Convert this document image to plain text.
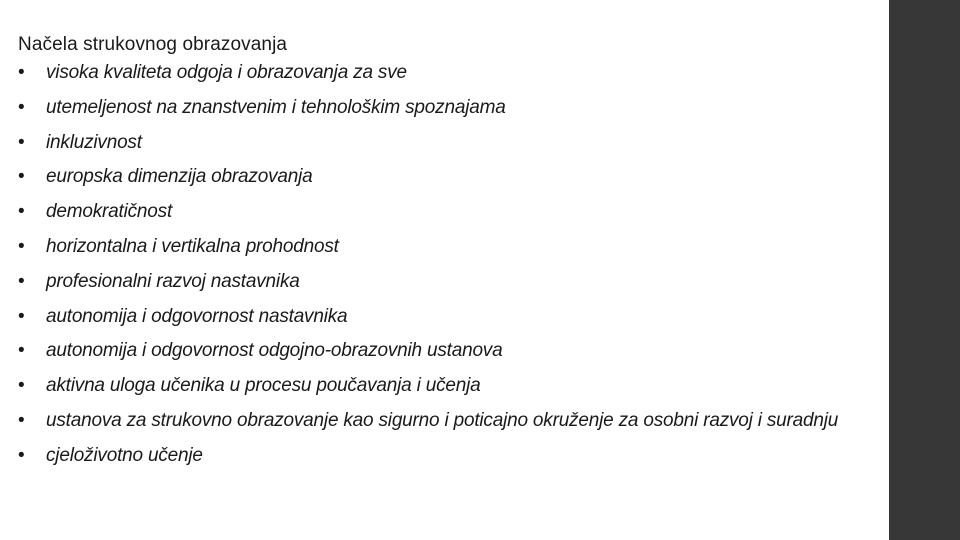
Načela strukovnog obrazovanja
• visoka kvaliteta odgoja i obrazovanja za sve
• utemeljenost na znanstvenim i tehnološkim spoznajama
• inkluzivnost
• europska dimenzija obrazovanja
• demokratičnost
• horizontalna i vertikalna prohodnost
• profesionalni razvoj nastavnika
• autonomija i odgovornost nastavnika
• autonomija i odgovornost odgojno-obrazovnih ustanova
• aktivna uloga učenika u procesu poučavanja i učenja
• ustanova za strukovno obrazovanje kao sigurno i poticajno okruženje za osobni razvoj i suradnju
• cjeloživotno učenje
